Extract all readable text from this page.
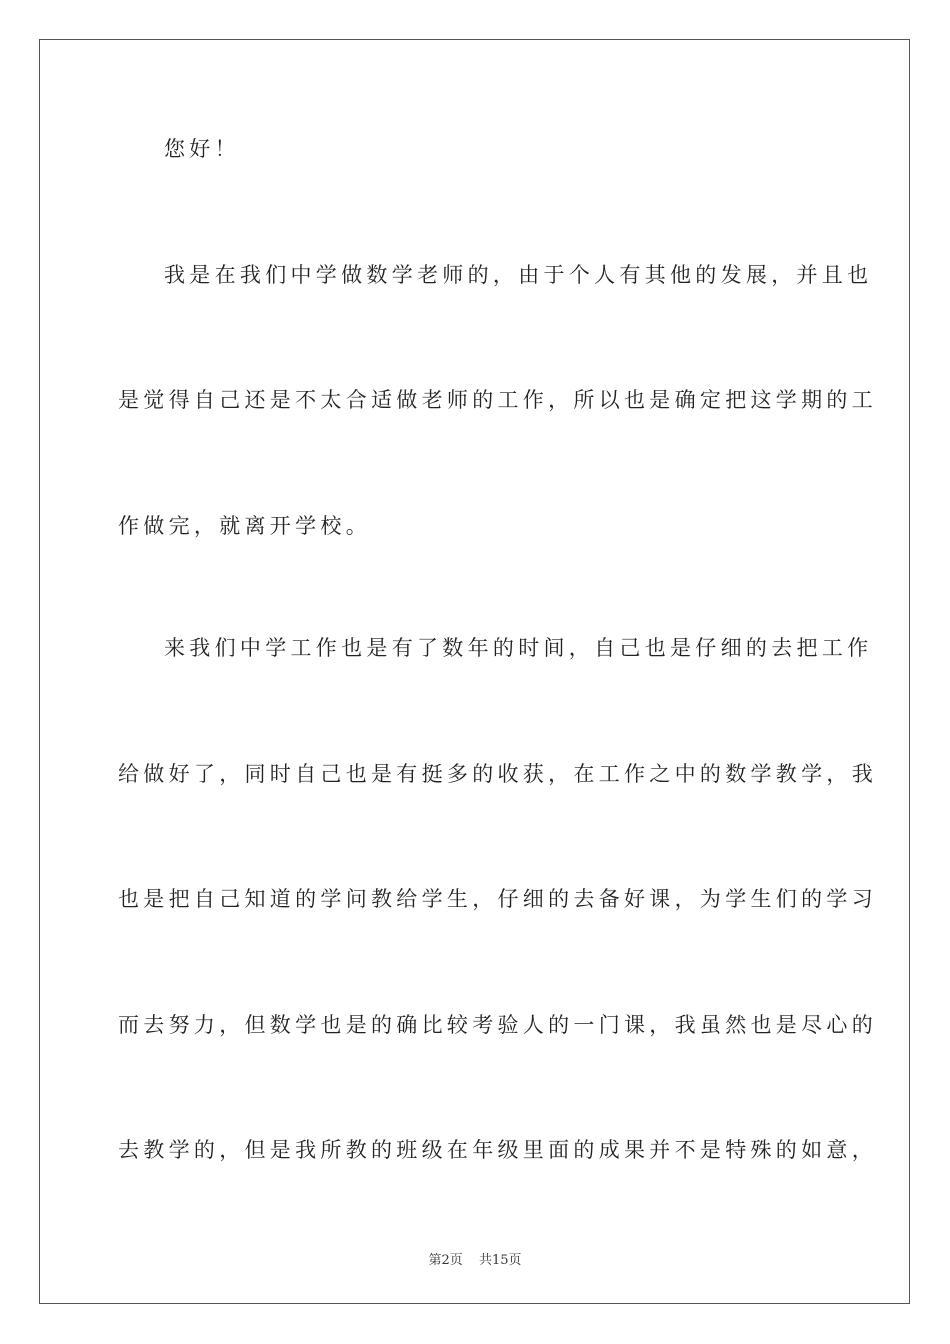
您好！
我是在我们中学做数学老师的，由于个人有其他的发展，并且也
是觉得自己还是不太合适做老师的工作，所以也是确定把这学期的工
作做完，就离开学校。
来我们中学工作也是有了数年的时间，自己也是仔细的去把工作
给做好了，同时自己也是有挺多的收获，在工作之中的数学教学，我
也是把自己知道的学问教给学生，仔细的去备好课，为学生们的学习
而去努力，但数学也是的确比较考验人的一门课，我虽然也是尽心的
去教学的，但是我所教的班级在年级里面的成果并不是特殊的如意，
第2页 共15页
